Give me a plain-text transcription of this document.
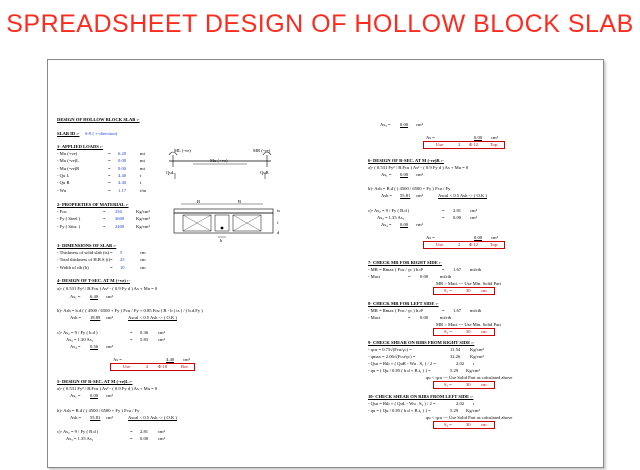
SPREADSHEET DESIGN OF HOLLOW BLOCK SLAB
DESIGN OF HOLLOW BLOCK SLAB :-
SLAB ID :- S-8 ( +-direction)
1- APPLIED LOADS :-
- Mu (+ve)	= 6.20	mt
- Mu (-ve)L	= 0.00	mt
- Mu (-ve)R	= 0.00	mt
- Qu L	= 4.40	t
- Qu R	= 4.40	t
- Wu	= 1.17	t/m
2- PROPERTIES OF MATERIAL :-
- Fcu	= 250	Kg/cm²
- Fy ( Steel )	= 3600	Kg/cm²
- Fy ( Stirr. )	= 2400	Kg/cm²
3- DIMENSIONS OF SLAB :-
- Thickness of solid slab (ts) = 5	cm
- Total thickness of H.B.S (t) = 25	cm
- Width of rib (b)	= 10	cm
4- DESIGN OF T-SEC. AT M (+ve) :-
a)- ( 0.531 Fy² / B.Fcu ) As² - ( 0.9 Fy d ) As + Mu = 0
As₁ = 6.40 cm²
b)- Ash = b.d ( ( 4500 / 6500 + Fy ) Fcu / Fy + 0.85 Fcu ( B - b ) ts ) / ( b.d.Fy )
Ash = 18.89 cm²	Ascal < 0.5 Ash -> ( O.K )
c)- As₂ = 9 / Fy ( b.d )	= 0.36 cm²
As₃ = 1.30 As₁	= 5.83 cm²
As₄ = 0.56 cm²
As =	4.40 cm²
Use	2 Φ 18	Bot.
5- DESIGN OF R-SEC. AT M (-ve)L :-
a)- ( 0.531 Fy² / B.Fcu ) As² - ( 0.9 Fy d ) As + Mu = 0
As₁ = 0.00 cm²
b)- Ash = B.d ( ( 4500 / 6500 + Fy ) Fcu / Fy
Ash = 55.81 cm²	Ascal < 0.5 Ash -> ( O.K )
c)- As₂ = 9 / Fy ( B.d )	= 2.81 cm²
As₃ = 1.35 As₁	= 0.00 cm²
ML (-ve)	MR (-ve)
Mu (+ve)
QuL	QuR
B	B
t
ts
d
b
As₃ = 0.00 cm²
As =	0.00 cm²
Use	2 Φ 12	Top.
6- DESIGN OF R-SEC. AT M (-ve)R :-
a)- ( 0.531 Fy² / B.Fcu ) As² - ( 0.9 Fy d ) As + Mu = 0
As₁ = 0.00 cm²
b)- Ash = B.d ( ( 4500 / 6500 + Fy ) Fcu / Fy
Ash = 55.81 cm²	Ascal < 0.5 Ash -> ( O.K )
c)- As₂ = 9 / Fy ( B.d )	= 2.81 cm²
As₃ = 1.35 As₁	= 0.00 cm²
As₄ = 0.00 cm²
As =	0.00 cm²
Use	2 Φ 12	Top.
7- CHECK MR FOR RIGHT SIDE :-
- MR = Rmax ( Fcu / γc ) b.d²	= 1.67 mt/rib
- Mact	= 0.00	mt/rib
MR > Mact --- Use Min. Solid Part
S₁ =	30 cm
8- CHECK MR FOR LEFT SIDE :-
- MR = Rmax ( Fcu / γc ) b.d²	= 1.67 mt/rib
- Mact	= 0.00	mt/rib
MR > Mact --- Use Min. Solid Part
S₂ =	30 cm
9- CHECK SHEAR ON RIBS FROM RIGHT SIDE :-
- qcu = 0.75√(Fcu/γc) =	11.54 Kg/cm²
- qmax = 2.06√(Fcu/γc) =	32.26 Kg/cm²
- Qsu = Rib × ( QuR - Wu . S₁ ) / 2 =	2.02 t
- qu = ( Qu / 0.85 ( b.d + B.t₁ ) ) =	5.29 Kg/cm²
qu < qcu --- Use Solid Part as calculated above
S₁ =	30 cm
10- CHECK SHEAR ON RIBS FROM LEFT SIDE :-
- Qsu = Rib × ( QuL - Wu . S₂ ) / 2 =	2.02 t
- qu = ( Qu / 0.85 ( b.d + B.t₁ ) ) =	5.29 Kg/cm²
qu < qcu --- Use Solid Part as calculated above
S₂ =	30 cm
